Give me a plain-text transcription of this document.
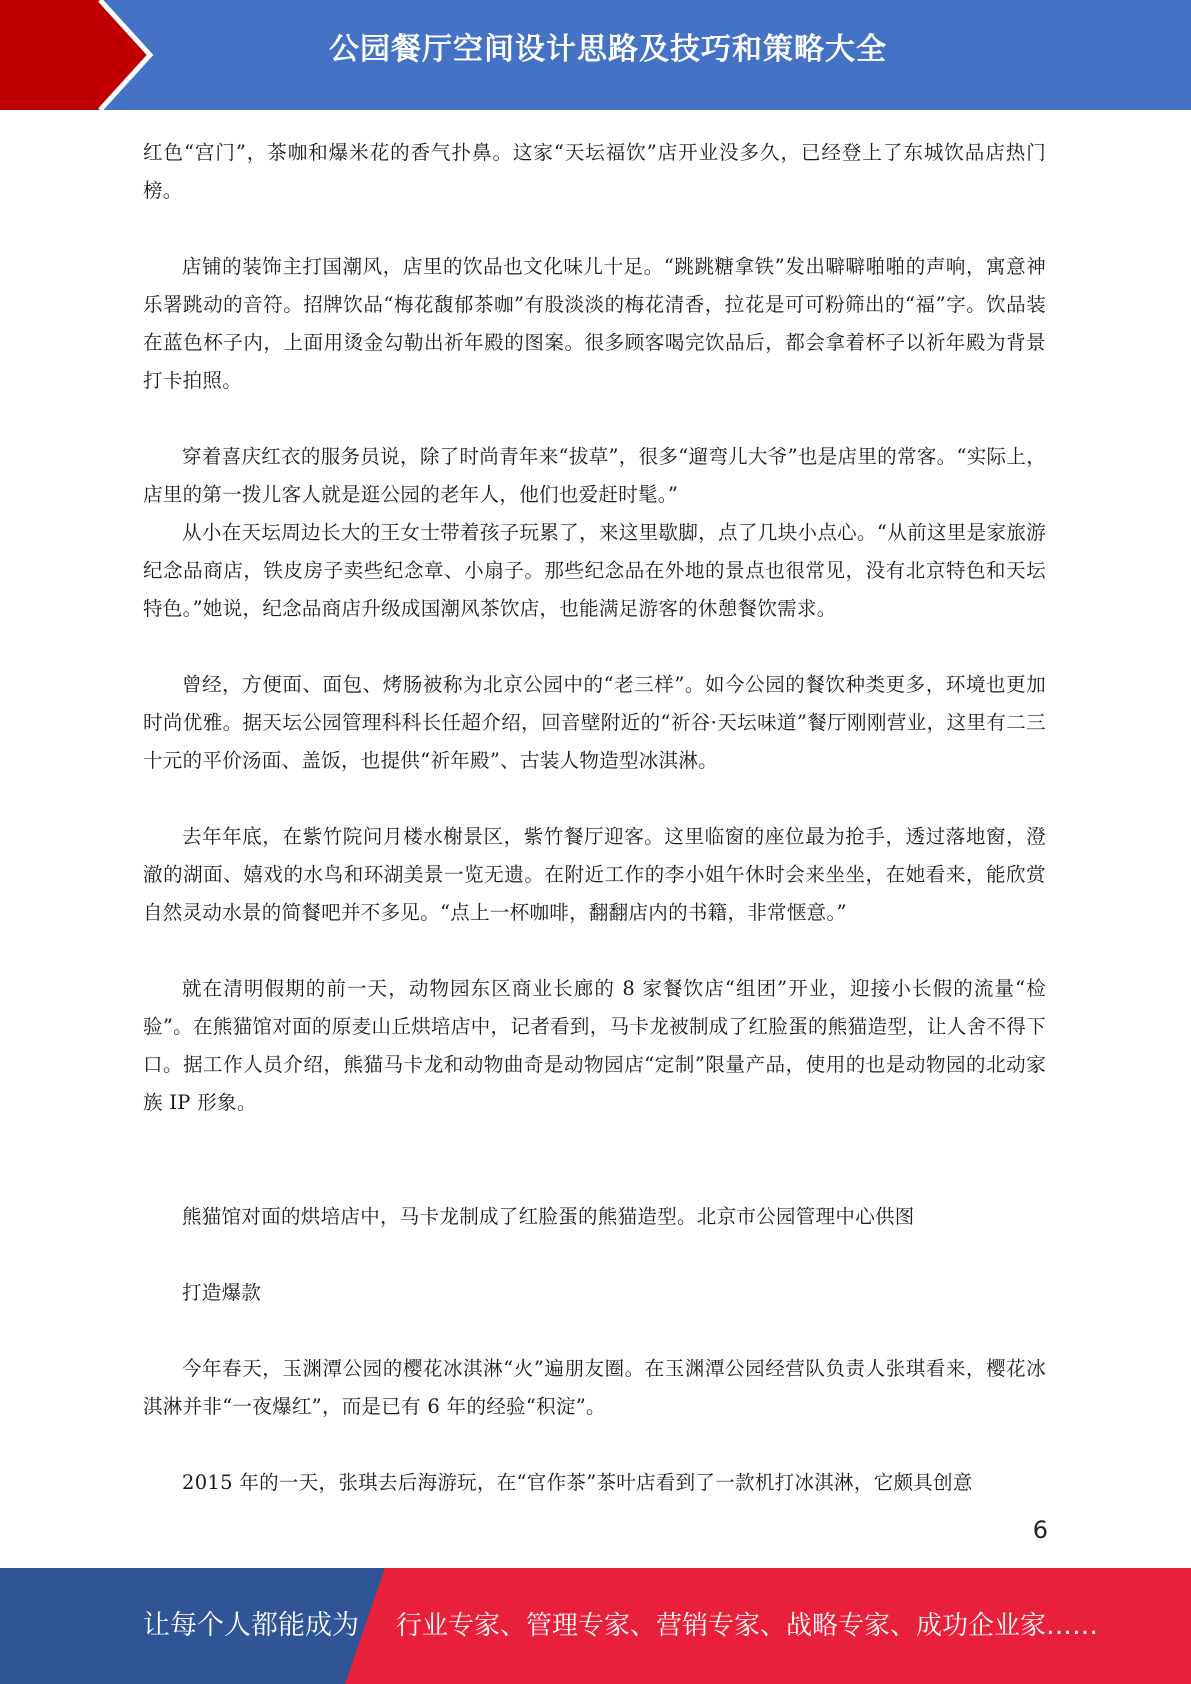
公园餐厅空间设计思路及技巧和策略大全

红色“宫门”，茶咖和爆米花的香气扑鼻。这家“天坛福饮”店开业没多久，已经登上了东城饮品店热门榜。

店铺的装饰主打国潮风，店里的饮品也文化味儿十足。“跳跳糖拿铁”发出噼噼啪啪的声响，寓意神乐署跳动的音符。招牌饮品“梅花馥郁茶咖”有股淡淡的梅花清香，拉花是可可粉筛出的“福”字。饮品装在蓝色杯子内，上面用烫金勾勒出祈年殿的图案。很多顾客喝完饮品后，都会拿着杯子以祈年殿为背景打卡拍照。

穿着喜庆红衣的服务员说，除了时尚青年来“拔草”，很多“遛弯儿大爷”也是店里的常客。“实际上，店里的第一拨儿客人就是逛公园的老年人，他们也爱赶时髦。”

从小在天坛周边长大的王女士带着孩子玩累了，来这里歇脚，点了几块小点心。“从前这里是家旅游纪念品商店，铁皮房子卖些纪念章、小扇子。那些纪念品在外地的景点也很常见，没有北京特色和天坛特色。”她说，纪念品商店升级成国潮风茶饮店，也能满足游客的休憩餐饮需求。

曾经，方便面、面包、烤肠被称为北京公园中的“老三样”。如今公园的餐饮种类更多，环境也更加时尚优雅。据天坛公园管理科科长任超介绍，回音壁附近的“祈谷·天坛味道”餐厅刚刚营业，这里有二三十元的平价汤面、盖饭，也提供“祈年殿”、古装人物造型冰淇淋。

去年年底，在紫竹院问月楼水榭景区，紫竹餐厅迎客。这里临窗的座位最为抢手，透过落地窗，澄澈的湖面、嬉戏的水鸟和环湖美景一览无遗。在附近工作的李小姐午休时会来坐坐，在她看来，能欣赏自然灵动水景的简餐吧并不多见。“点上一杯咖啡，翻翻店内的书籍，非常惬意。”

就在清明假期的前一天，动物园东区商业长廊的 8 家餐饮店“组团”开业，迎接小长假的流量“检验”。在熊猫馆对面的原麦山丘烘培店中，记者看到，马卡龙被制成了红脸蛋的熊猫造型，让人舍不得下口。据工作人员介绍，熊猫马卡龙和动物曲奇是动物园店“定制”限量产品，使用的也是动物园的北动家族 IP 形象。

熊猫馆对面的烘培店中，马卡龙制成了红脸蛋的熊猫造型。北京市公园管理中心供图

打造爆款

今年春天，玉渊潭公园的樱花冰淇淋“火”遍朋友圈。在玉渊潭公园经营队负责人张琪看来，樱花冰淇淋并非“一夜爆红”，而是已有 6 年的经验“积淀”。

2015 年的一天，张琪去后海游玩，在“官作茶”茶叶店看到了一款机打冰淇淋，它颇具创意

6
让每个人都能成为 行业专家、管理专家、营销专家、战略专家、成功企业家……
